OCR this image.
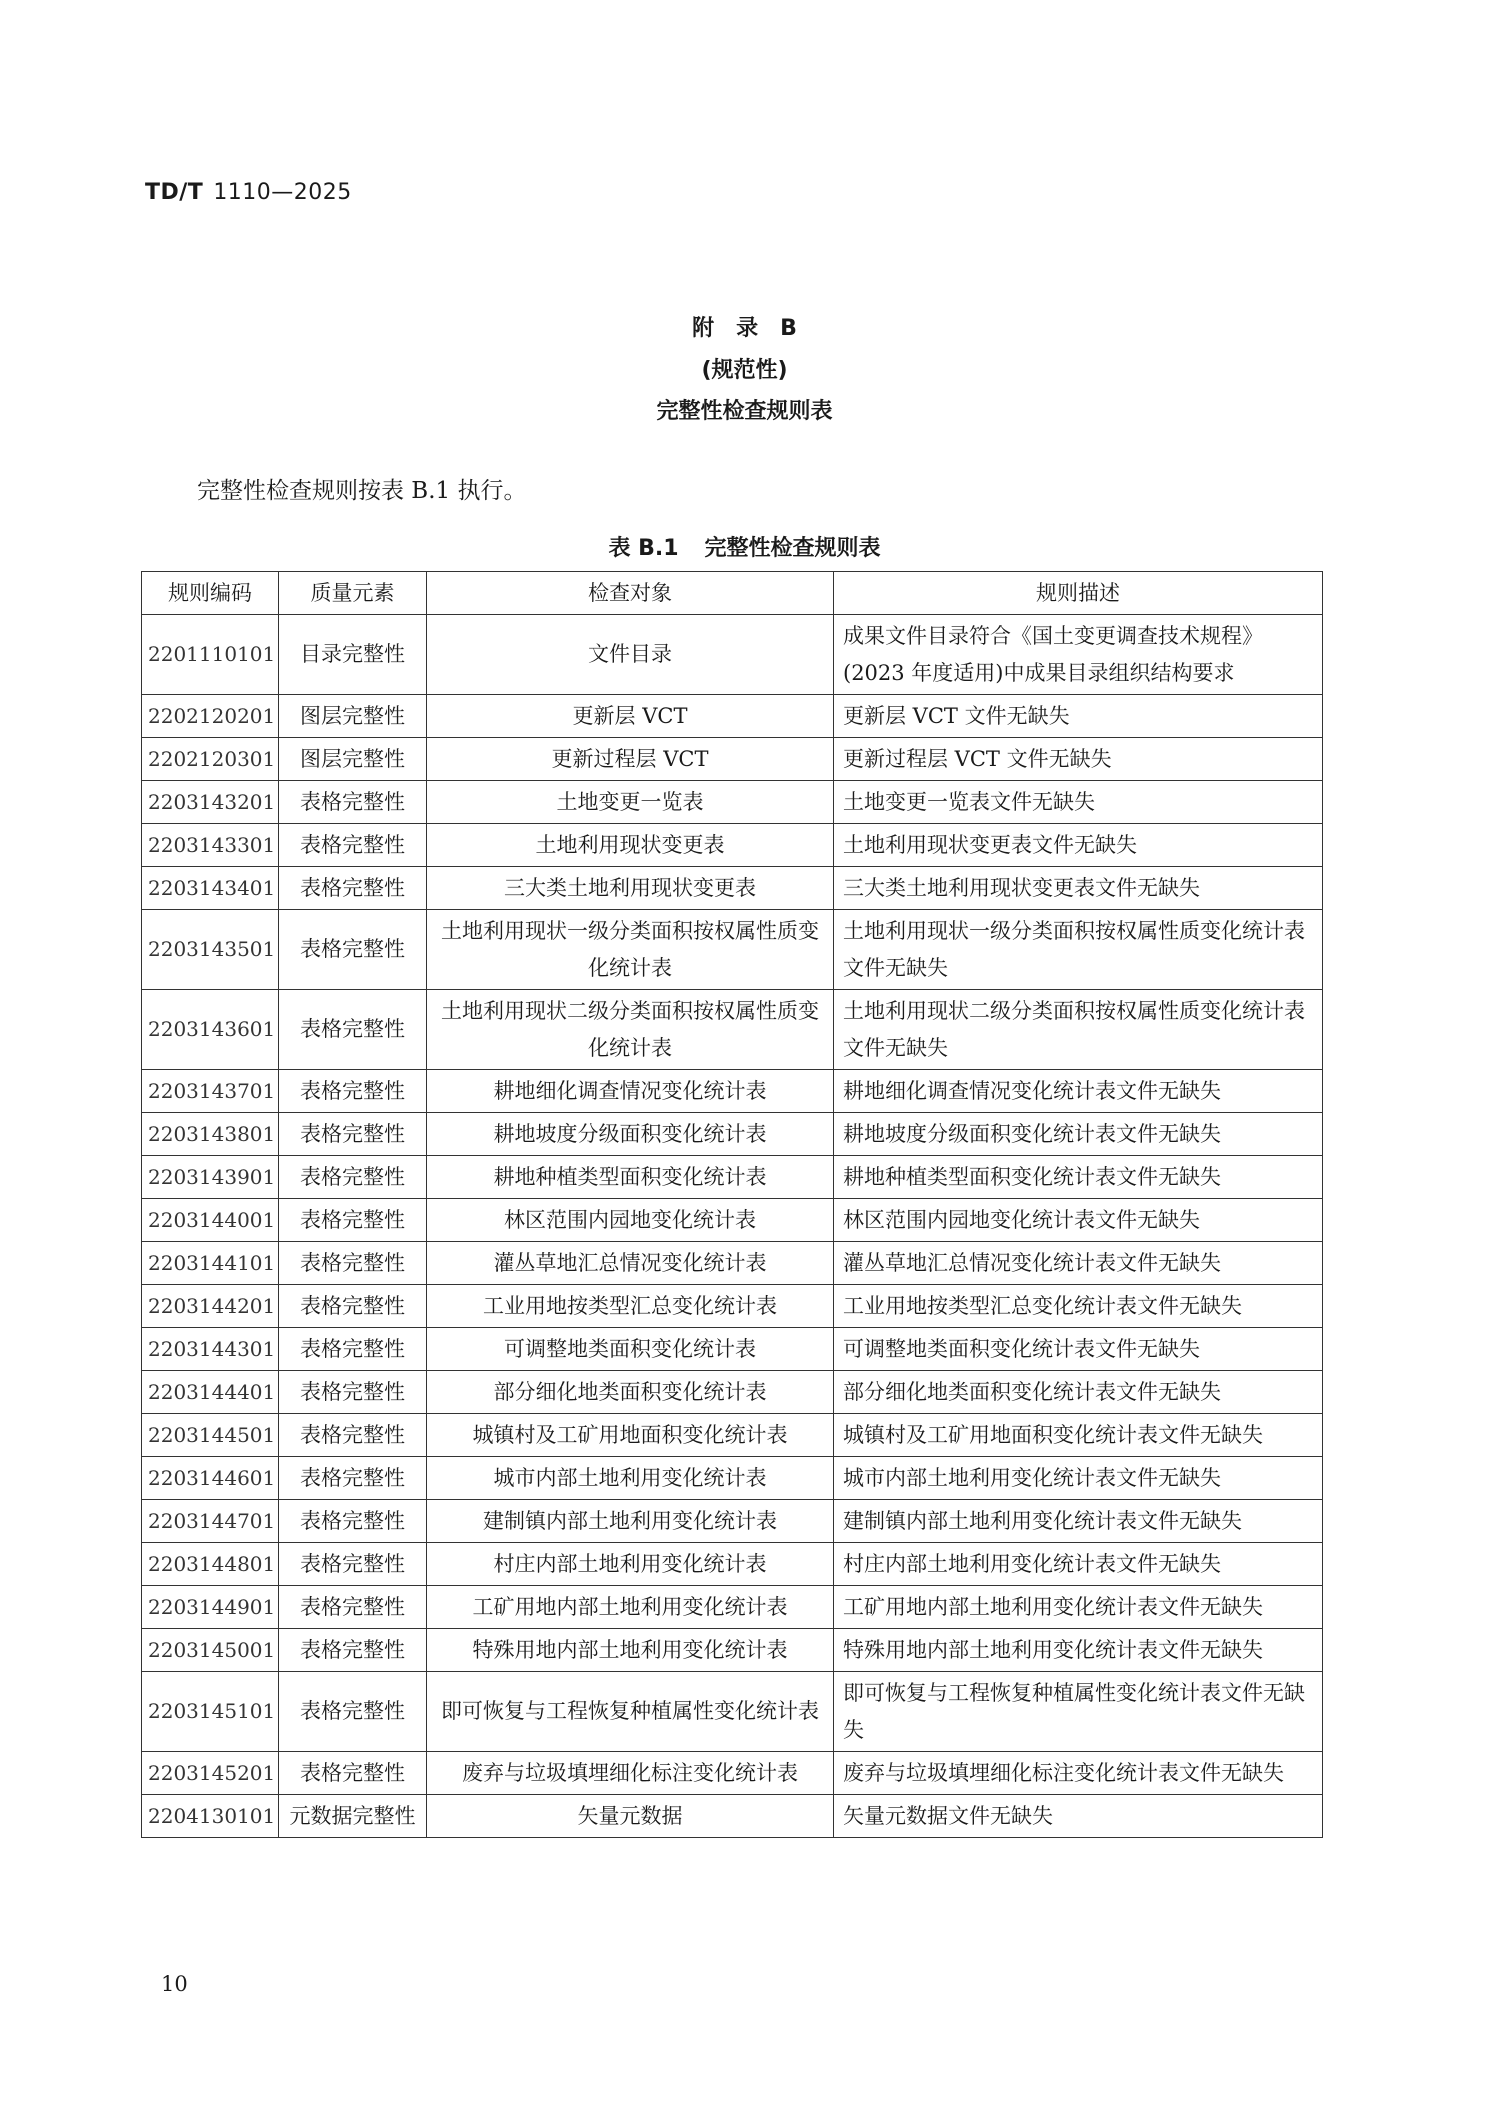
TD/T 1110—2025
附录B
(规范性)
完整性检查规则表
完整性检查规则按表 B.1 执行。
表 B.1 完整性检查规则表
规则编码	质量元素	检查对象	规则描述
2201110101	目录完整性	文件目录	成果文件目录符合《国土变更调查技术规程》(2023 年度适用)中成果目录组织结构要求
2202120201	图层完整性	更新层 VCT	更新层 VCT 文件无缺失
2202120301	图层完整性	更新过程层 VCT	更新过程层 VCT 文件无缺失
2203143201	表格完整性	土地变更一览表	土地变更一览表文件无缺失
2203143301	表格完整性	土地利用现状变更表	土地利用现状变更表文件无缺失
2203143401	表格完整性	三大类土地利用现状变更表	三大类土地利用现状变更表文件无缺失
2203143501	表格完整性	土地利用现状一级分类面积按权属性质变化统计表	土地利用现状一级分类面积按权属性质变化统计表文件无缺失
2203143601	表格完整性	土地利用现状二级分类面积按权属性质变化统计表	土地利用现状二级分类面积按权属性质变化统计表文件无缺失
2203143701	表格完整性	耕地细化调查情况变化统计表	耕地细化调查情况变化统计表文件无缺失
2203143801	表格完整性	耕地坡度分级面积变化统计表	耕地坡度分级面积变化统计表文件无缺失
2203143901	表格完整性	耕地种植类型面积变化统计表	耕地种植类型面积变化统计表文件无缺失
2203144001	表格完整性	林区范围内园地变化统计表	林区范围内园地变化统计表文件无缺失
2203144101	表格完整性	灌丛草地汇总情况变化统计表	灌丛草地汇总情况变化统计表文件无缺失
2203144201	表格完整性	工业用地按类型汇总变化统计表	工业用地按类型汇总变化统计表文件无缺失
2203144301	表格完整性	可调整地类面积变化统计表	可调整地类面积变化统计表文件无缺失
2203144401	表格完整性	部分细化地类面积变化统计表	部分细化地类面积变化统计表文件无缺失
2203144501	表格完整性	城镇村及工矿用地面积变化统计表	城镇村及工矿用地面积变化统计表文件无缺失
2203144601	表格完整性	城市内部土地利用变化统计表	城市内部土地利用变化统计表文件无缺失
2203144701	表格完整性	建制镇内部土地利用变化统计表	建制镇内部土地利用变化统计表文件无缺失
2203144801	表格完整性	村庄内部土地利用变化统计表	村庄内部土地利用变化统计表文件无缺失
2203144901	表格完整性	工矿用地内部土地利用变化统计表	工矿用地内部土地利用变化统计表文件无缺失
2203145001	表格完整性	特殊用地内部土地利用变化统计表	特殊用地内部土地利用变化统计表文件无缺失
2203145101	表格完整性	即可恢复与工程恢复种植属性变化统计表	即可恢复与工程恢复种植属性变化统计表文件无缺失
2203145201	表格完整性	废弃与垃圾填埋细化标注变化统计表	废弃与垃圾填埋细化标注变化统计表文件无缺失
2204130101	元数据完整性	矢量元数据	矢量元数据文件无缺失
10
